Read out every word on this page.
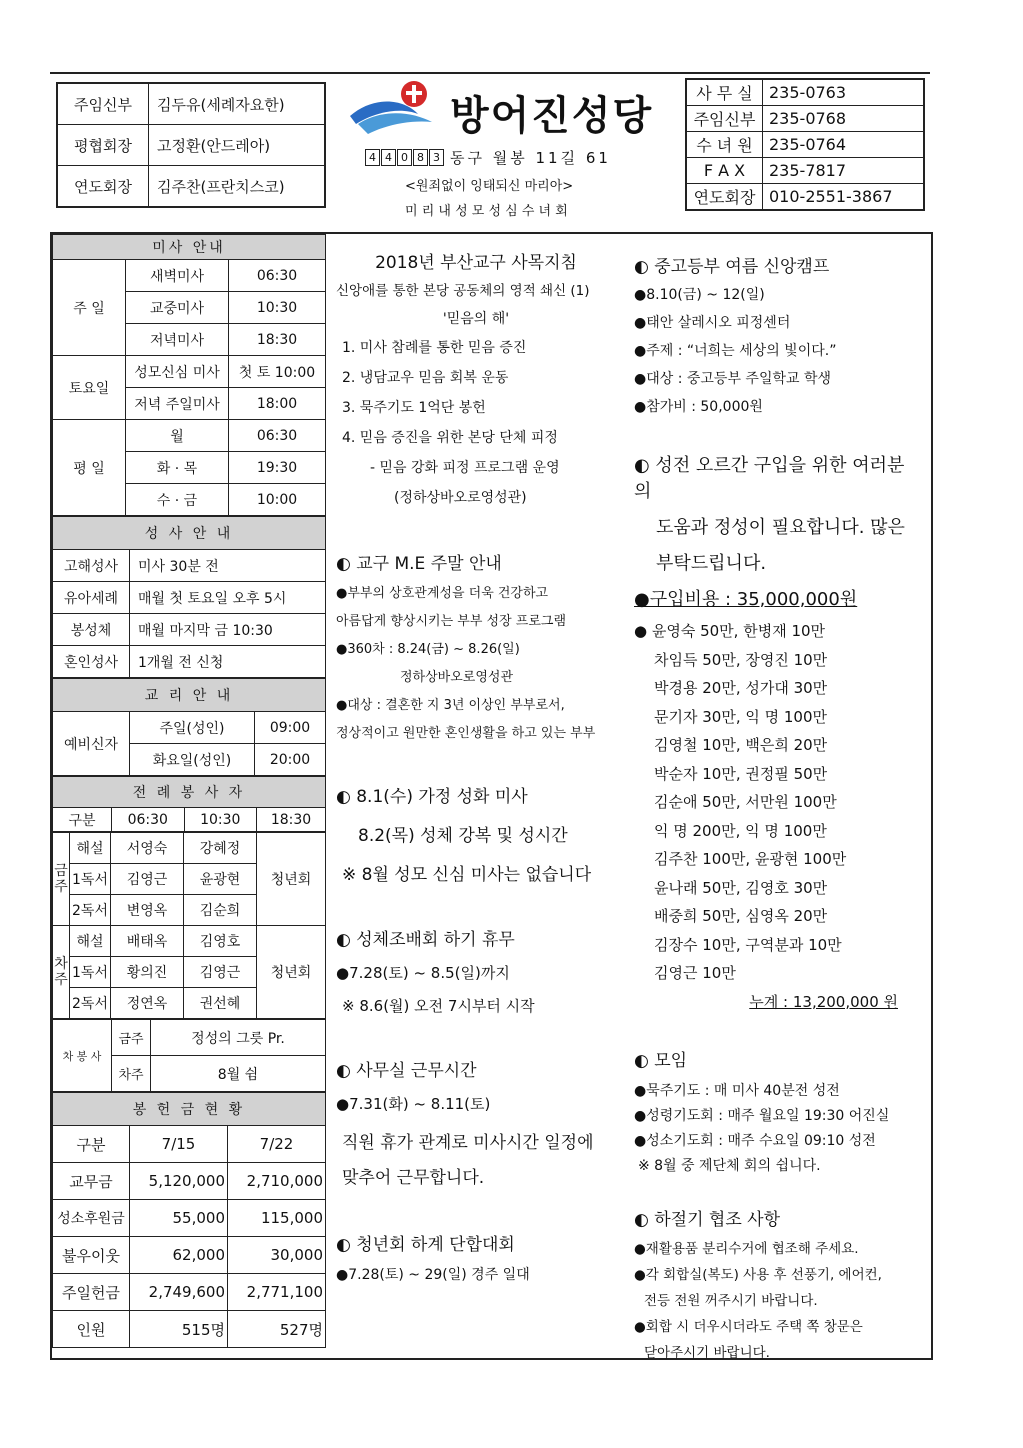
주임신부	김두유(세례자요한)
평협회장	고정환(안드레아)
연도회장	김주찬(프란치스코)
방어진성당
4 4 0 8 3 동구 월봉 11길 61
<원죄없이 잉태되신 마리아>
미 리 내 성 모 성 심 수 녀 회
사 무 실	235-0763
주임신부	235-0768
수 녀 원	235-0764
F A X	235-7817
연도회장	010-2551-3867
미사 안내		
주 일	새벽미사	06:30
	교중미사	10:30
	저녁미사	18:30
토요일	성모신심 미사	첫 토 10:00
	저녁 주일미사	18:00
평 일	월	06:30
	화 · 목	19:30
	수 · 금	10:00
성 사 안 내	
고해성사	미사 30분 전
유아세례	매월 첫 토요일 오후 5시
봉성체	매월 마지막 금 10:30
혼인성사	1개월 전 신청
교 리 안 내		
예비신자	주일(성인)	09:00
	화요일(성인)	20:00
전 례 봉 사 자
구분	06:30	10:30	18:30
금주	해설	서영숙	강혜정	청년회
	1독서	김영근	윤광현	
	2독서	변영옥	김순희	
차주	해설	배태옥	김영호	청년회
	1독서	황의진	김영근	
	2독서	정연옥	권선혜	
차 봉 사	금주	정성의 그릇 Pr.
	차주	8월 쉼
봉 헌 금 현 황		
구분	7/15	7/22
교무금	5,120,000	2,710,000
성소후원금	55,000	115,000
불우이웃	62,000	30,000
주일헌금	2,749,600	2,771,100
인원	515명	527명

2018년 부산교구 사목지침

신앙애를 통한 본당 공동체의 영적 쇄신 (1)

'믿음의 해'

1. 미사 참례를 통한 믿음 증진

2. 냉담교우 믿음 회복 운동

3. 묵주기도 1억단 봉헌

4. 믿음 증진을 위한 본당 단체 피정

- 믿음 강화 피정 프로그램 운영

(정하상바오로영성관)

◐ 교구 M.E 주말 안내

●부부의 상호관계성을 더욱 건강하고

아름답게 향상시키는 부부 성장 프로그램

●360차 : 8.24(금) ~ 8.26(일)

정하상바오로영성관

●대상 : 결혼한 지 3년 이상인 부부로서,

정상적이고 원만한 혼인생활을 하고 있는 부부

◐ 8.1(수) 가정 성화 미사

8.2(목) 성체 강복 및 성시간

※ 8월 성모 신심 미사는 없습니다

◐ 성체조배회 하기 휴무

●7.28(토) ~ 8.5(일)까지

※ 8.6(월) 오전 7시부터 시작

◐ 사무실 근무시간

●7.31(화) ~ 8.11(토)

직원 휴가 관계로 미사시간 일정에

맞추어 근무합니다.

◐ 청년회 하계 단합대회

●7.28(토) ~ 29(일) 경주 일대

◐ 중고등부 여름 신앙캠프

●8.10(금) ~ 12(일)

●태안 살레시오 피정센터

●주제 : “너희는 세상의 빛이다.”

●대상 : 중고등부 주일학교 학생

●참가비 : 50,000원

◐ 성전 오르간 구입을 위한 여러분의

도움과 정성이 필요합니다. 많은

부탁드립니다.

●구입비용 : 35,000,000원

● 윤영숙 50만, 한병재 10만

차임득 50만, 장영진 10만

박경용 20만, 성가대 30만

문기자 30만, 익 명 100만

김영철 10만, 백은희 20만

박순자 10만, 권정필 50만

김순애 50만, 서만원 100만

익 명 200만, 익 명 100만

김주찬 100만, 윤광현 100만

윤나래 50만, 김영호 30만

배중희 50만, 심영옥 20만

김장수 10만, 구역분과 10만

김영근 10만

누계 : 13,200,000 원

◐ 모임

●묵주기도 : 매 미사 40분전 성전

●성령기도회 : 매주 월요일 19:30 어진실

●성소기도회 : 매주 수요일 09:10 성전

※ 8월 중 제단체 회의 쉽니다.

◐ 하절기 협조 사항

●재활용품 분리수거에 협조해 주세요.

●각 회합실(복도) 사용 후 선풍기, 에어컨,

전등 전원 꺼주시기 바랍니다.

●회합 시 더우시더라도 주택 쪽 창문은

닫아주시기 바랍니다.
